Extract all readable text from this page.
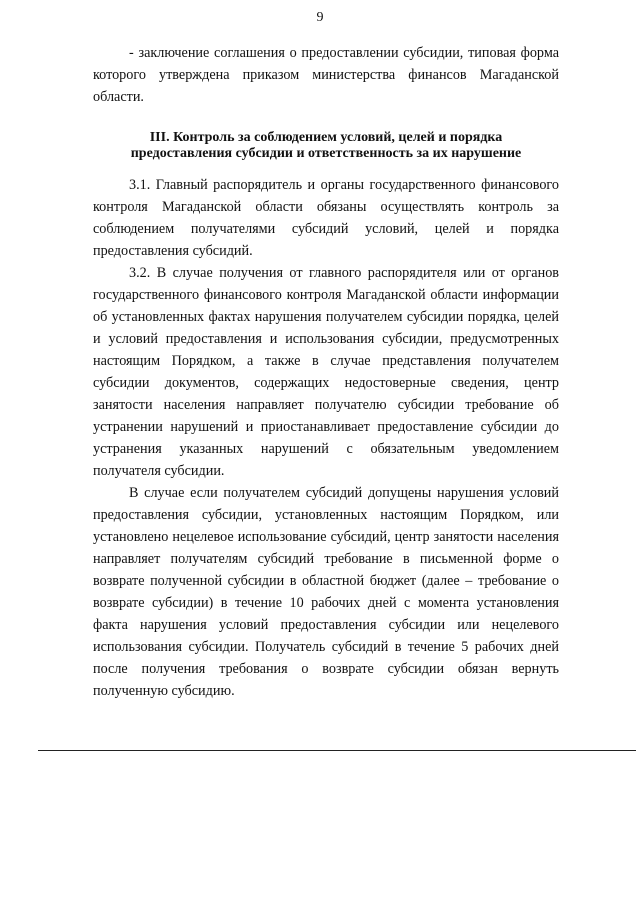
9

- заключение соглашения о предоставлении субсидии, типовая форма которого утверждена приказом министерства финансов Магаданской области.

III. Контроль за соблюдением условий, целей и порядка
предоставления субсидии и ответственность за их нарушение

3.1. Главный распорядитель и органы государственного финансового контроля Магаданской области обязаны осуществлять контроль за соблюдением получателями субсидий условий, целей и порядка предоставления субсидий.

3.2. В случае получения от главного распорядителя или от органов государственного финансового контроля Магаданской области информации об установленных фактах нарушения получателем субсидии порядка, целей и условий предоставления и использования субсидии, предусмотренных настоящим Порядком, а также в случае представления получателем субсидии документов, содержащих недостоверные сведения, центр занятости населения направляет получателю субсидии требование об устранении нарушений и приостанавливает предоставление субсидии до устранения указанных нарушений с обязательным уведомлением получателя субсидии.

В случае если получателем субсидий допущены нарушения условий предоставления субсидии, установленных настоящим Порядком, или установлено нецелевое использование субсидий, центр занятости населения направляет получателям субсидий требование в письменной форме о возврате полученной субсидии в областной бюджет (далее – требование о возврате субсидии) в течение 10 рабочих дней с момента установления факта нарушения условий предоставления субсидии или нецелевого использования субсидии. Получатель субсидий в течение 5 рабочих дней после получения требования о возврате субсидии обязан вернуть полученную субсидию.
